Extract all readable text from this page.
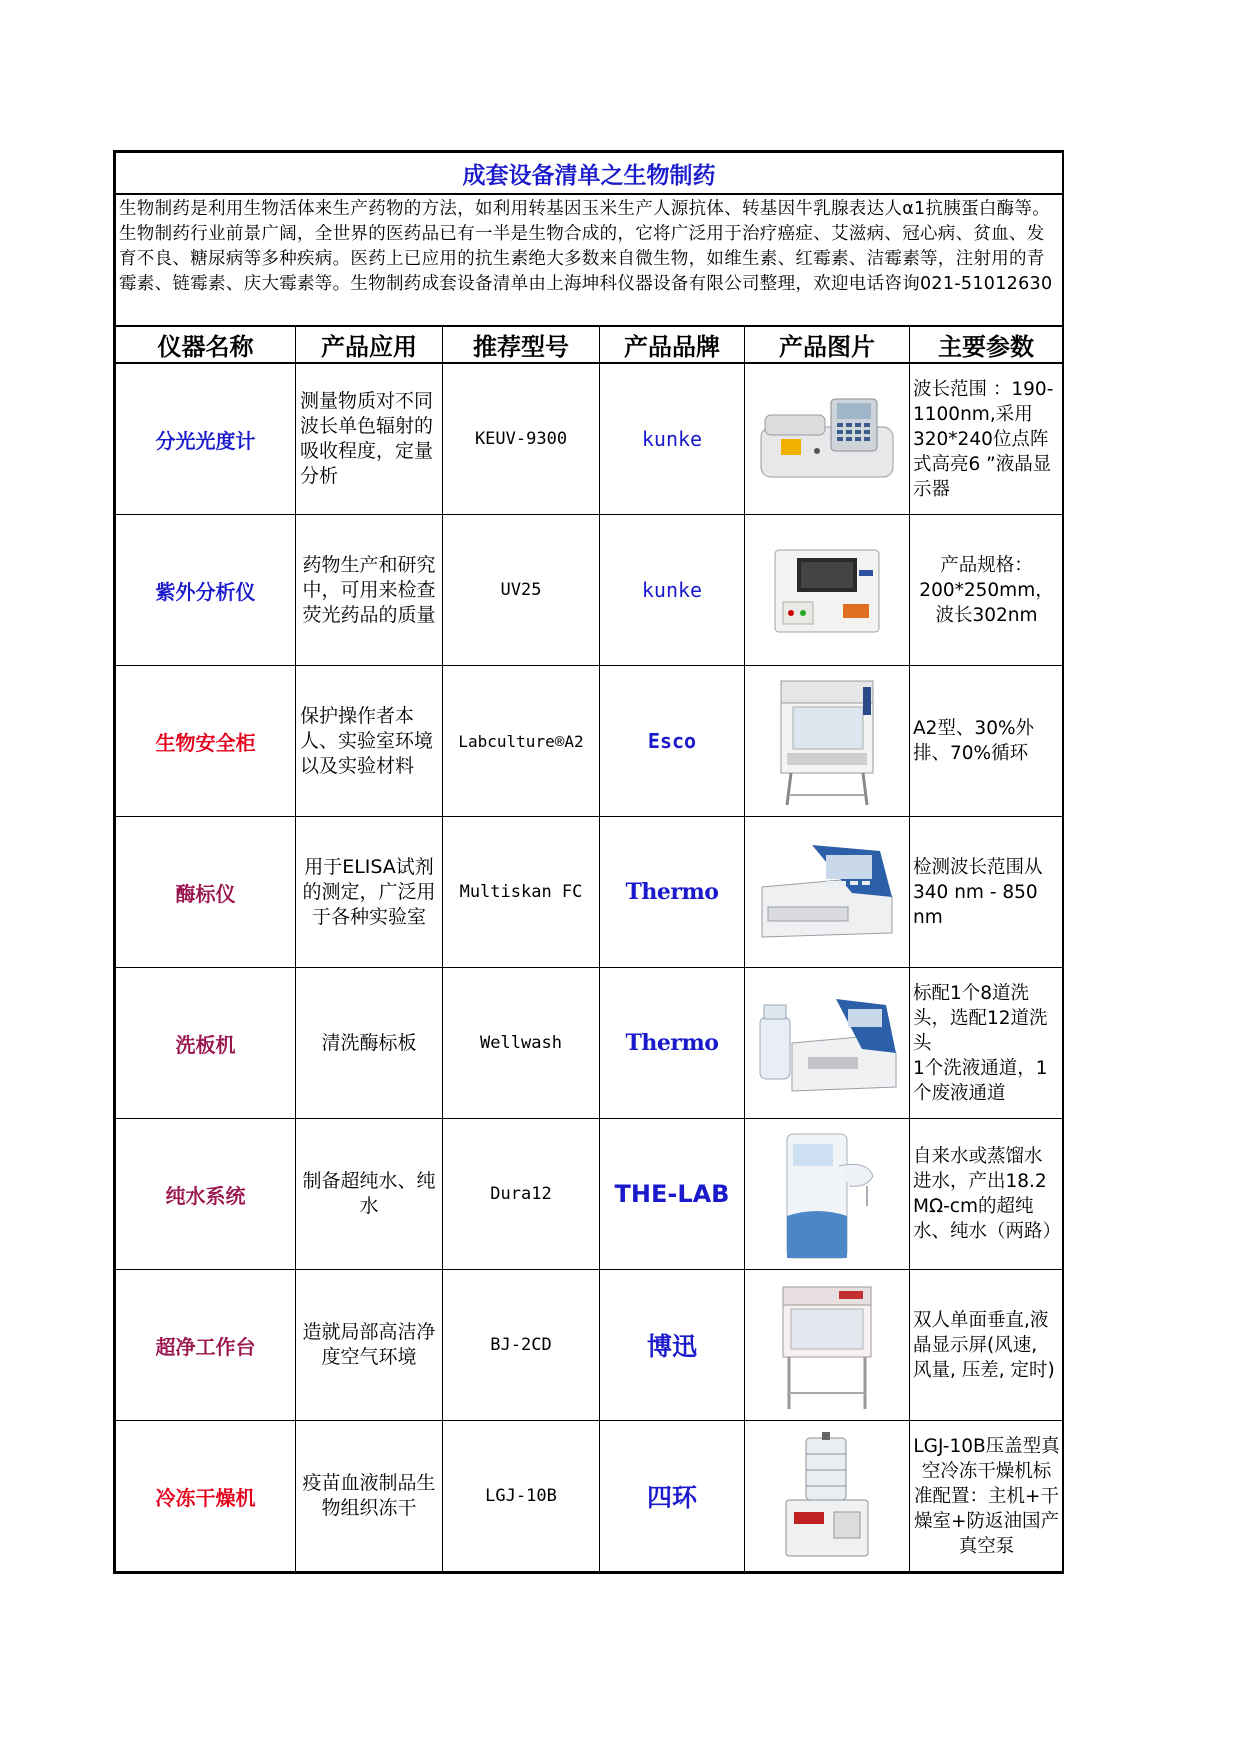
成套设备清单之生物制药					
生物制药是利用生物活体来生产药物的方法，如利用转基因玉米生产人源抗体、转基因牛乳腺表达人α1抗胰蛋白酶等。生物制药行业前景广阔，全世界的医药品已有一半是生物合成的，它将广泛用于治疗癌症、艾滋病、冠心病、贫血、发育不良、糖尿病等多种疾病。医药上已应用的抗生素绝大多数来自微生物，如维生素、红霉素、洁霉素等，注射用的青霉素、链霉素、庆大霉素等。生物制药成套设备清单由上海坤科仪器设备有限公司整理，欢迎电话咨询021-51012630					
仪器名称	产品应用	推荐型号	产品品牌	产品图片	主要参数
分光光度计	测量物质对不同波长单色辐射的吸收程度，定量分析	KEUV-9300	kunke		波长范围 ：190-1100nm,采用320*240位点阵式高亮6 ”液晶显示器
紫外分析仪	药物生产和研究中，可用来检查荧光药品的质量	UV25	kunke		产品规格：200*250mm，波长302nm
生物安全柜	保护操作者本人、实验室环境以及实验材料	Labculture®A2	Esco		A2型、30%外排、70%循环
酶标仪	用于ELISA试剂的测定，广泛用于各种实验室	Multiskan FC	Thermo		检测波长范围从340 nm - 850 nm
洗板机	清洗酶标板	Wellwash	Thermo		标配1个8道洗头，选配12道洗头
1个洗液通道，1个废液通道
纯水系统	制备超纯水、纯水	Dura12	THE-LAB		自来水或蒸馏水进水，产出18.2 MΩ-cm的超纯水、纯水（两路）
超净工作台	造就局部高洁净度空气环境	BJ-2CD	博迅		双人单面垂直,液晶显示屏(风速, 风量, 压差, 定时)
冷冻干燥机	疫苗血液制品生物组织冻干	LGJ-10B	四环		LGJ-10B压盖型真空冷冻干燥机标准配置：主机+干燥室+防返油国产真空泵
